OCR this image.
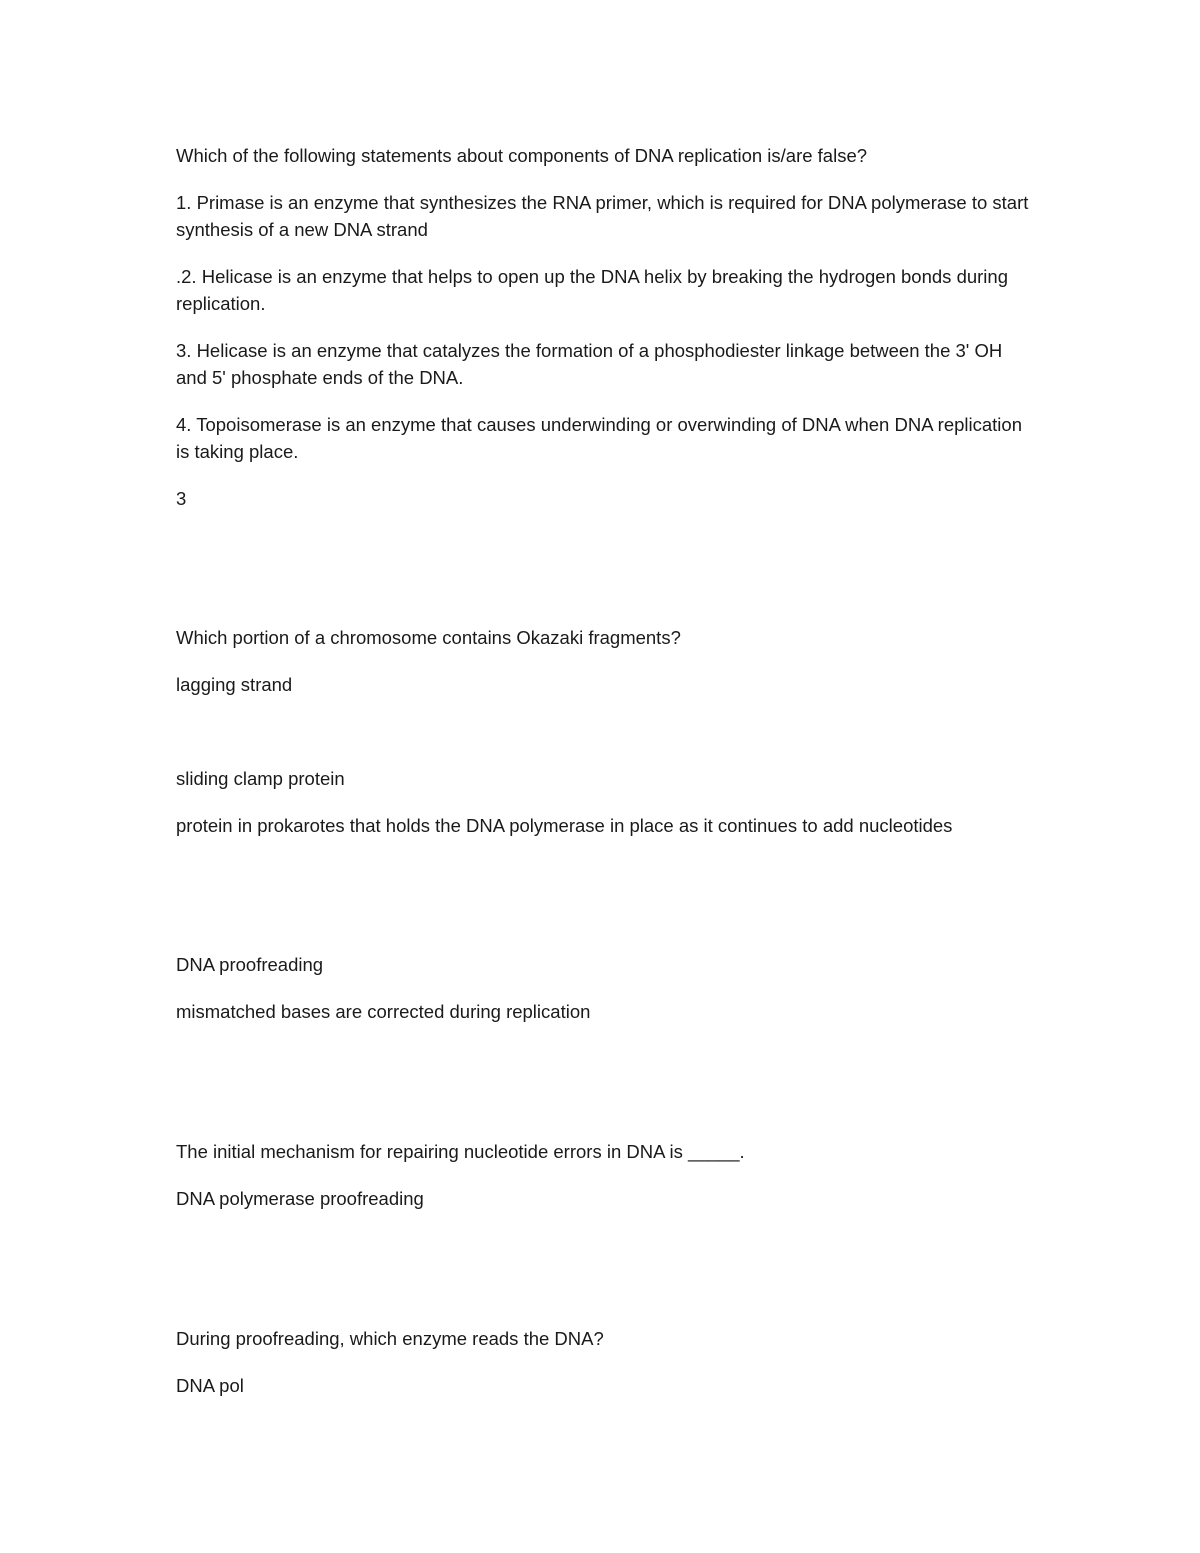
Which of the following statements about components of DNA replication is/are false?

1. Primase is an enzyme that synthesizes the RNA primer, which is required for DNA polymerase to start synthesis of a new DNA strand

.2. Helicase is an enzyme that helps to open up the DNA helix by breaking the hydrogen bonds during replication.

3. Helicase is an enzyme that catalyzes the formation of a phosphodiester linkage between the 3' OH and 5' phosphate ends of the DNA.

4. Topoisomerase is an enzyme that causes underwinding or overwinding of DNA when DNA replication is taking place.

3

Which portion of a chromosome contains Okazaki fragments?

lagging strand

sliding clamp protein

protein in prokarotes that holds the DNA polymerase in place as it continues to add nucleotides

DNA proofreading

mismatched bases are corrected during replication

The initial mechanism for repairing nucleotide errors in DNA is _____.

DNA polymerase proofreading

During proofreading, which enzyme reads the DNA?

DNA pol
